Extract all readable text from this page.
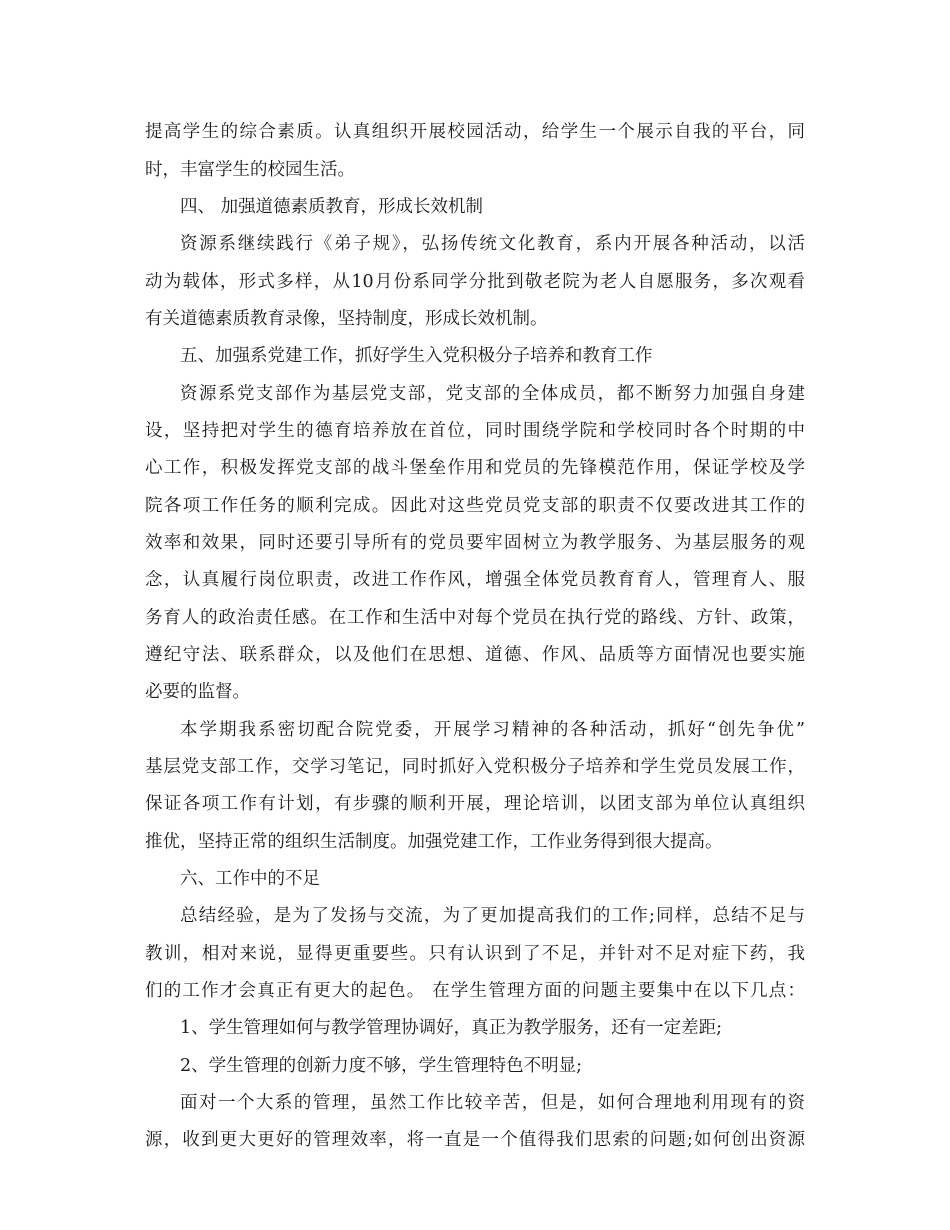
提高学生的综合素质。认真组织开展校园活动，给学生一个展示自我的平台，同
时，丰富学生的校园生活。
四、 加强道德素质教育，形成长效机制
资源系继续践行《弟子规》，弘扬传统文化教育，系内开展各种活动，以活
动为载体，形式多样，从10月份系同学分批到敬老院为老人自愿服务，多次观看
有关道德素质教育录像，坚持制度，形成长效机制。
五、加强系党建工作，抓好学生入党积极分子培养和教育工作
资源系党支部作为基层党支部，党支部的全体成员，都不断努力加强自身建
设，坚持把对学生的德育培养放在首位，同时围绕学院和学校同时各个时期的中
心工作，积极发挥党支部的战斗堡垒作用和党员的先锋模范作用，保证学校及学
院各项工作任务的顺利完成。因此对这些党员党支部的职责不仅要改进其工作的
效率和效果，同时还要引导所有的党员要牢固树立为教学服务、为基层服务的观
念，认真履行岗位职责，改进工作作风，增强全体党员教育育人，管理育人、服
务育人的政治责任感。在工作和生活中对每个党员在执行党的路线、方针、政策，
遵纪守法、联系群众，以及他们在思想、道德、作风、品质等方面情况也要实施
必要的监督。
本学期我系密切配合院党委，开展学习精神的各种活动，抓好“创先争优”
基层党支部工作，交学习笔记，同时抓好入党积极分子培养和学生党员发展工作，
保证各项工作有计划，有步骤的顺利开展，理论培训，以团支部为单位认真组织
推优，坚持正常的组织生活制度。加强党建工作，工作业务得到很大提高。
六、工作中的不足
总结经验，是为了发扬与交流，为了更加提高我们的工作;同样，总结不足与
教训，相对来说，显得更重要些。只有认识到了不足，并针对不足对症下药，我
们的工作才会真正有更大的起色。 在学生管理方面的问题主要集中在以下几点：
1、学生管理如何与教学管理协调好，真正为教学服务，还有一定差距;
2、学生管理的创新力度不够，学生管理特色不明显;
面对一个大系的管理，虽然工作比较辛苦，但是，如何合理地利用现有的资
源，收到更大更好的管理效率，将一直是一个值得我们思索的问题;如何创出资源
